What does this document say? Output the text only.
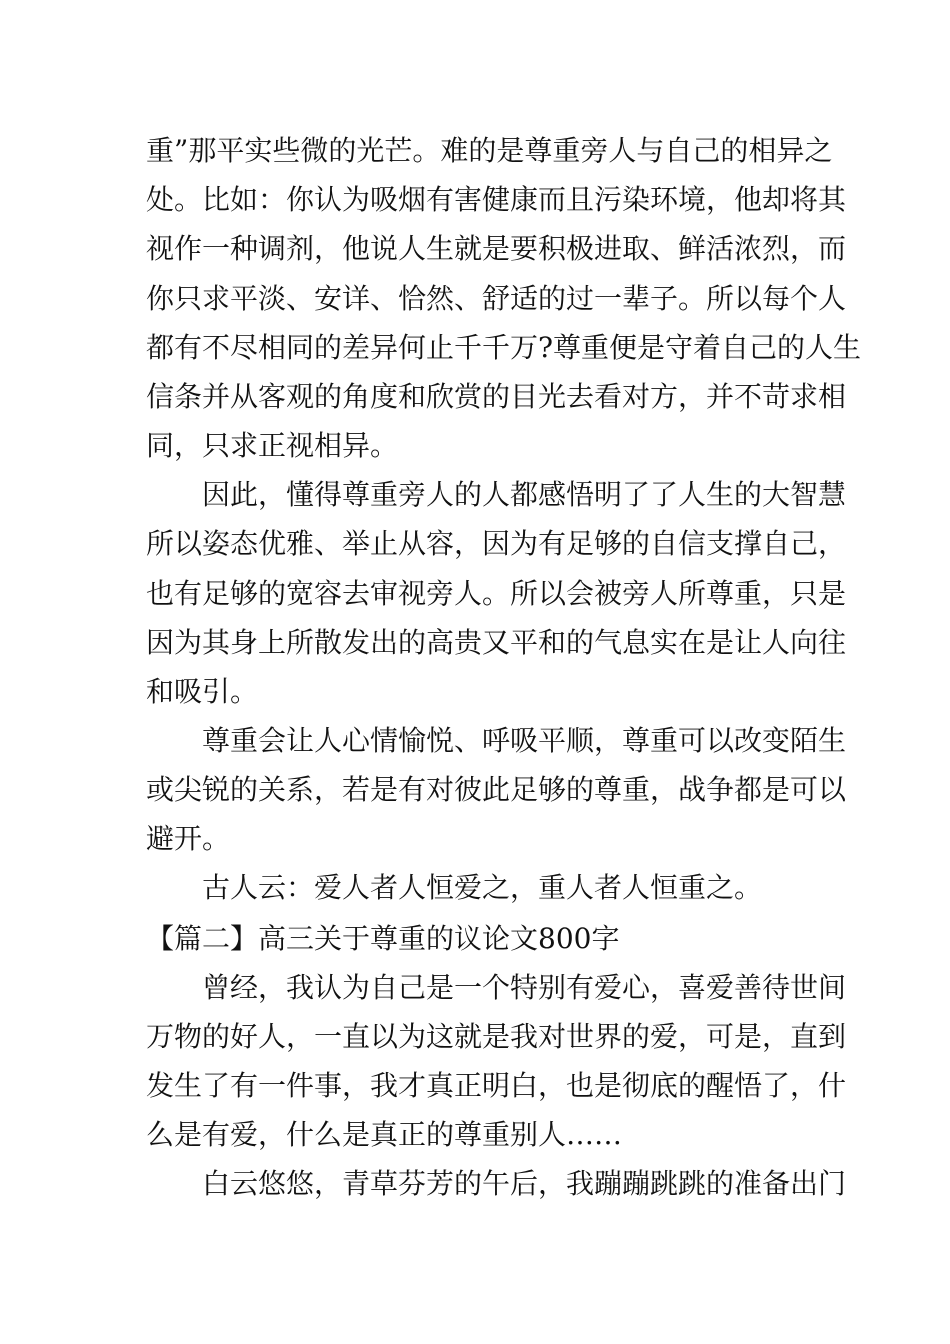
重”那平实些微的光芒。难的是尊重旁人与自己的相异之
处。比如：你认为吸烟有害健康而且污染环境，他却将其
视作一种调剂，他说人生就是要积极进取、鲜活浓烈，而
你只求平淡、安详、恰然、舒适的过一辈子。所以每个人
都有不尽相同的差异何止千千万?尊重便是守着自己的人生
信条并从客观的角度和欣赏的目光去看对方，并不苛求相
同，只求正视相异。
因此，懂得尊重旁人的人都感悟明了了人生的大智慧
所以姿态优雅、举止从容，因为有足够的自信支撑自己，
也有足够的宽容去审视旁人。所以会被旁人所尊重，只是
因为其身上所散发出的高贵又平和的气息实在是让人向往
和吸引。
尊重会让人心情愉悦、呼吸平顺，尊重可以改变陌生
或尖锐的关系，若是有对彼此足够的尊重，战争都是可以
避开。
古人云：爱人者人恒爱之，重人者人恒重之。
【篇二】高三关于尊重的议论文800字
曾经，我认为自己是一个特别有爱心，喜爱善待世间
万物的好人，一直以为这就是我对世界的爱，可是，直到
发生了有一件事，我才真正明白，也是彻底的醒悟了，什
么是有爱，什么是真正的尊重别人……
白云悠悠，青草芬芳的午后，我蹦蹦跳跳的准备出门
